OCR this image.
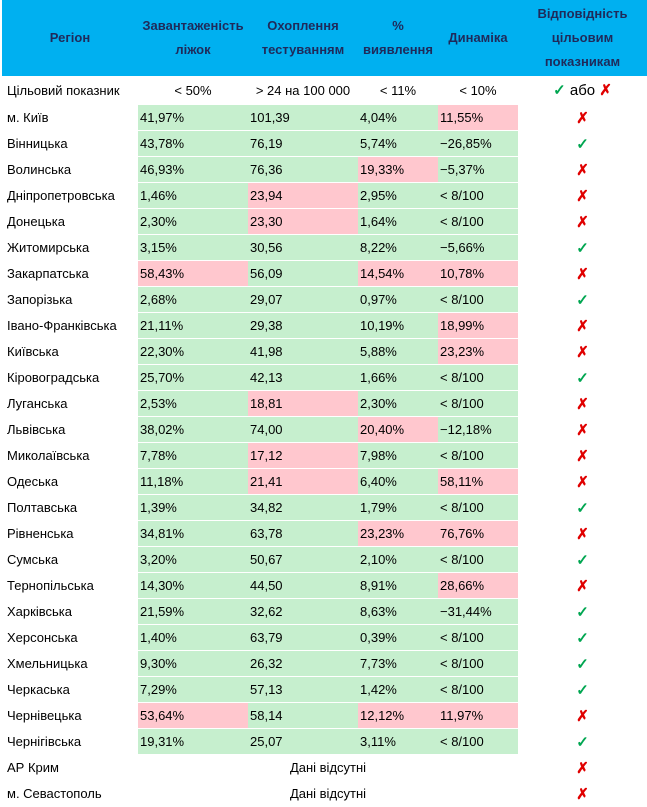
Регіон	Завантаженість ліжок	Охоплення тестуванням	% виявлення	Динаміка	Відповідність цільовим показникам
Цільовий показник	< 50%	> 24 на 100 000	< 11%	< 10%	✓ або ✗
м. Київ	41,97%	101,39	4,04%	11,55%	✗
Вінницька	43,78%	76,19	5,74%	−26,85%	✓
Волинська	46,93%	76,36	19,33%	−5,37%	✗
Дніпропетровська	1,46%	23,94	2,95%	< 8/100	✗
Донецька	2,30%	23,30	1,64%	< 8/100	✗
Житомирська	3,15%	30,56	8,22%	−5,66%	✓
Закарпатська	58,43%	56,09	14,54%	10,78%	✗
Запорізька	2,68%	29,07	0,97%	< 8/100	✓
Івано-Франківська	21,11%	29,38	10,19%	18,99%	✗
Київська	22,30%	41,98	5,88%	23,23%	✗
Кіровоградська	25,70%	42,13	1,66%	< 8/100	✓
Луганська	2,53%	18,81	2,30%	< 8/100	✗
Львівська	38,02%	74,00	20,40%	−12,18%	✗
Миколаївська	7,78%	17,12	7,98%	< 8/100	✗
Одеська	11,18%	21,41	6,40%	58,11%	✗
Полтавська	1,39%	34,82	1,79%	< 8/100	✓
Рівненська	34,81%	63,78	23,23%	76,76%	✗
Сумська	3,20%	50,67	2,10%	< 8/100	✓
Тернопільська	14,30%	44,50	8,91%	28,66%	✗
Харківська	21,59%	32,62	8,63%	−31,44%	✓
Херсонська	1,40%	63,79	0,39%	< 8/100	✓
Хмельницька	9,30%	26,32	7,73%	< 8/100	✓
Черкаська	7,29%	57,13	1,42%	< 8/100	✓
Чернівецька	53,64%	58,14	12,12%	11,97%	✗
Чернігівська	19,31%	25,07	3,11%	< 8/100	✓
АР Крим	Дані відсутні				✗
м. Севастополь	Дані відсутні				✗
